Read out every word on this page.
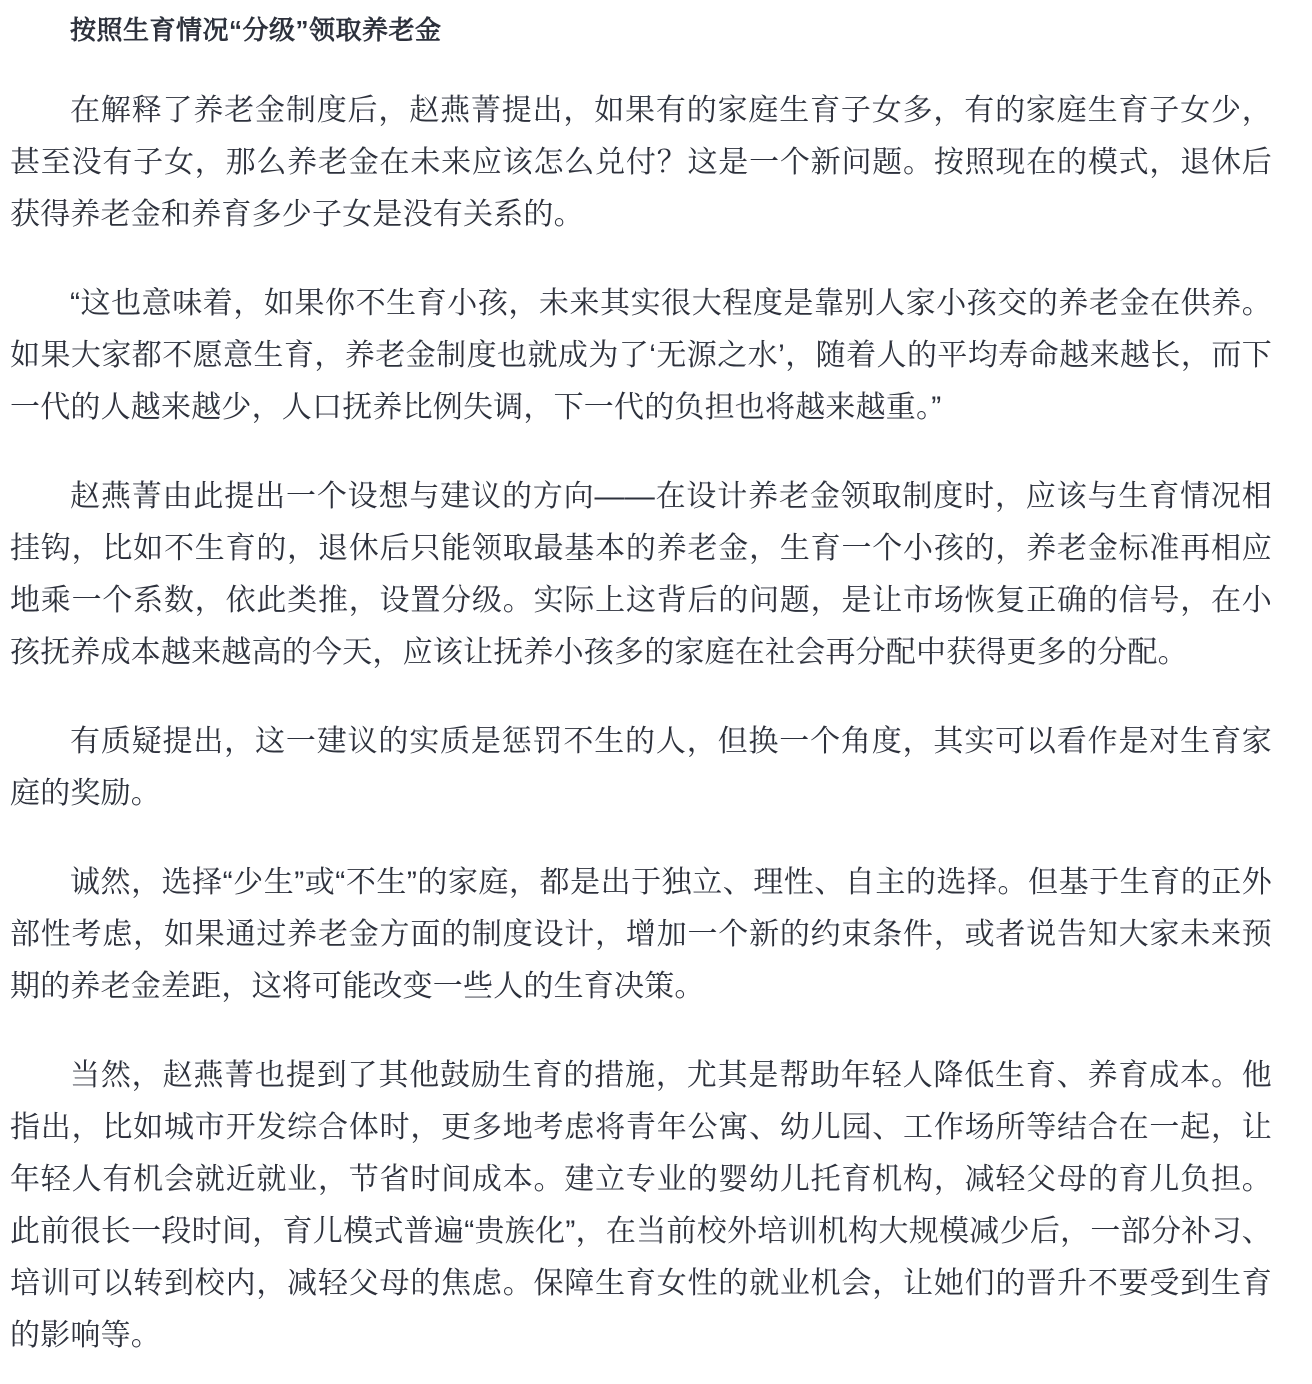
按照生育情况“分级”领取养老金

在解释了养老金制度后，赵燕菁提出，如果有的家庭生育子女多，有的家庭生育子女少，甚至没有子女，那么养老金在未来应该怎么兑付？这是一个新问题。按照现在的模式，退休后获得养老金和养育多少子女是没有关系的。

“这也意味着，如果你不生育小孩，未来其实很大程度是靠别人家小孩交的养老金在供养。如果大家都不愿意生育，养老金制度也就成为了‘无源之水’，随着人的平均寿命越来越长，而下一代的人越来越少，人口抚养比例失调，下一代的负担也将越来越重。”

赵燕菁由此提出一个设想与建议的方向——在设计养老金领取制度时，应该与生育情况相挂钩，比如不生育的，退休后只能领取最基本的养老金，生育一个小孩的，养老金标准再相应地乘一个系数，依此类推，设置分级。实际上这背后的问题，是让市场恢复正确的信号，在小孩抚养成本越来越高的今天，应该让抚养小孩多的家庭在社会再分配中获得更多的分配。

有质疑提出，这一建议的实质是惩罚不生的人，但换一个角度，其实可以看作是对生育家庭的奖励。

诚然，选择“少生”或“不生”的家庭，都是出于独立、理性、自主的选择。但基于生育的正外部性考虑，如果通过养老金方面的制度设计，增加一个新的约束条件，或者说告知大家未来预期的养老金差距，这将可能改变一些人的生育决策。

当然，赵燕菁也提到了其他鼓励生育的措施，尤其是帮助年轻人降低生育、养育成本。他指出，比如城市开发综合体时，更多地考虑将青年公寓、幼儿园、工作场所等结合在一起，让年轻人有机会就近就业，节省时间成本。建立专业的婴幼儿托育机构，减轻父母的育儿负担。此前很长一段时间，育儿模式普遍“贵族化”，在当前校外培训机构大规模减少后，一部分补习、培训可以转到校内，减轻父母的焦虑。保障生育女性的就业机会，让她们的晋升不要受到生育的影响等。
